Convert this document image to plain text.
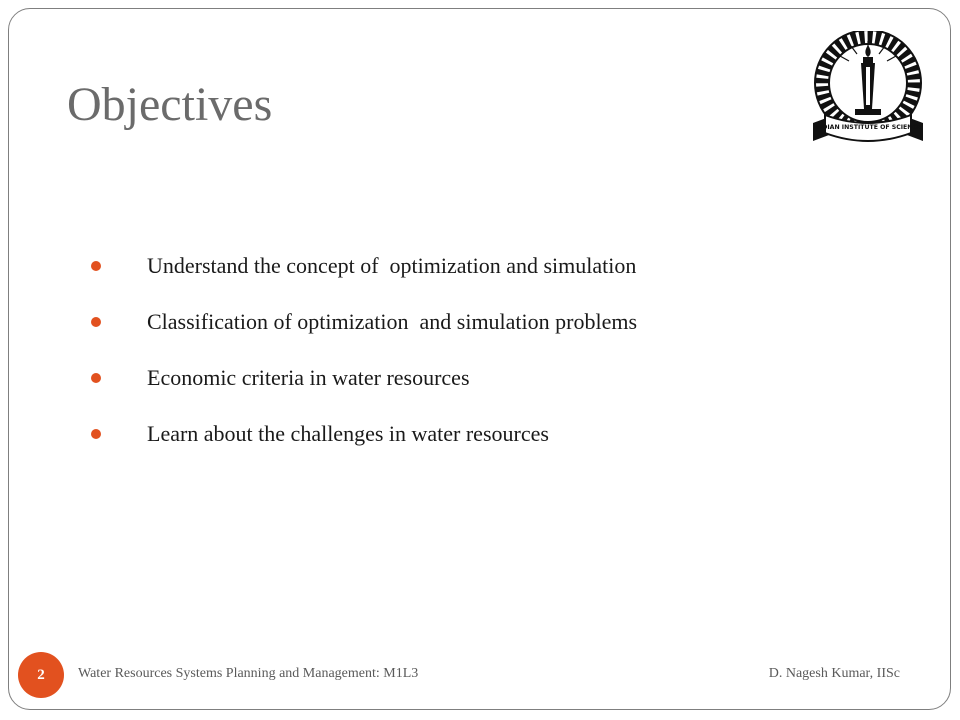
Objectives	INDIAN INSTITUTE OF SCIENCE
Understand the concept of  optimization and simulation
Classification of optimization  and simulation problems
Economic criteria in water resources
Learn about the challenges in water resources
2	Water Resources Systems Planning and Management: M1L3	D. Nagesh Kumar, IISc
